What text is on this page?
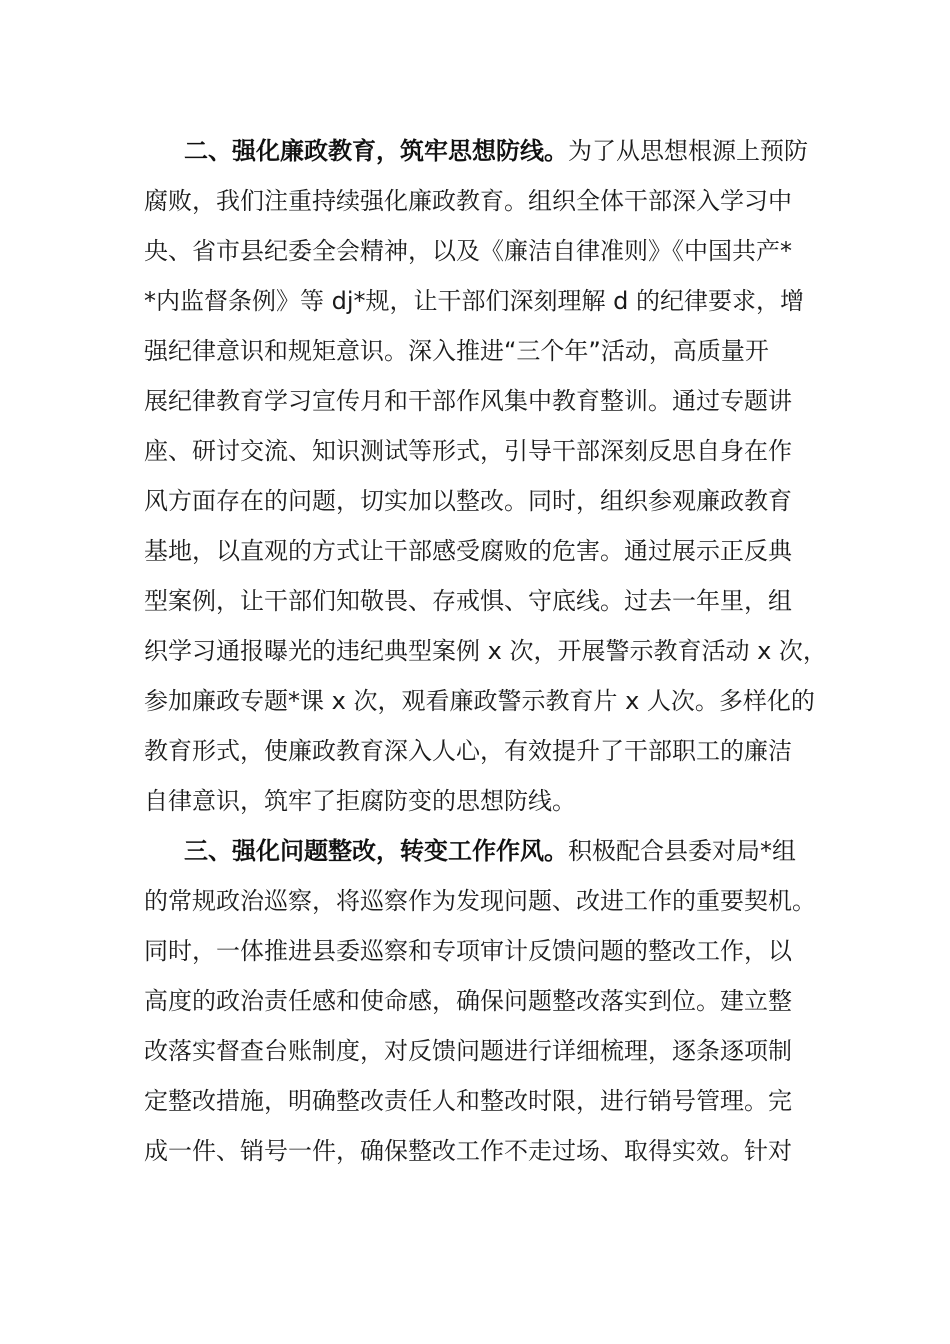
二、强化廉政教育，筑牢思想防线。为了从思想根源上预防
腐败，我们注重持续强化廉政教育。组织全体干部深入学习中
央、省市县纪委全会精神，以及《廉洁自律准则》《中国共产*
*内监督条例》等 dj*规，让干部们深刻理解 d 的纪律要求，增
强纪律意识和规矩意识。深入推进“三个年”活动，高质量开
展纪律教育学习宣传月和干部作风集中教育整训。通过专题讲
座、研讨交流、知识测试等形式，引导干部深刻反思自身在作
风方面存在的问题，切实加以整改。同时，组织参观廉政教育
基地，以直观的方式让干部感受腐败的危害。通过展示正反典
型案例，让干部们知敬畏、存戒惧、守底线。过去一年里，组
织学习通报曝光的违纪典型案例 x 次，开展警示教育活动 x 次，
参加廉政专题*课 x 次，观看廉政警示教育片 x 人次。多样化的
教育形式，使廉政教育深入人心，有效提升了干部职工的廉洁
自律意识，筑牢了拒腐防变的思想防线。
三、强化问题整改，转变工作作风。积极配合县委对局*组
的常规政治巡察，将巡察作为发现问题、改进工作的重要契机。
同时，一体推进县委巡察和专项审计反馈问题的整改工作，以
高度的政治责任感和使命感，确保问题整改落实到位。建立整
改落实督查台账制度，对反馈问题进行详细梳理，逐条逐项制
定整改措施，明确整改责任人和整改时限，进行销号管理。完
成一件、销号一件，确保整改工作不走过场、取得实效。针对
